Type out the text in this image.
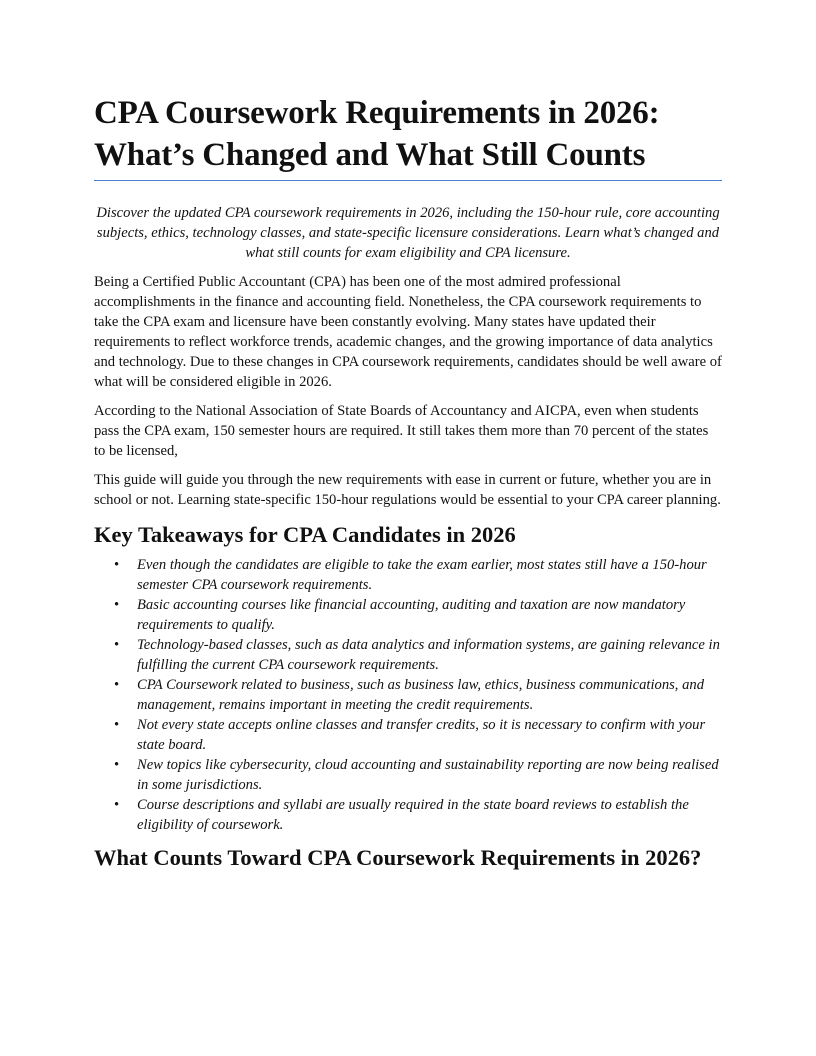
CPA Coursework Requirements in 2026: What’s Changed and What Still Counts

Discover the updated CPA coursework requirements in 2026, including the 150-hour rule, core accounting subjects, ethics, technology classes, and state-specific licensure considerations. Learn what’s changed and what still counts for exam eligibility and CPA licensure.

Being a Certified Public Accountant (CPA) has been one of the most admired professional accomplishments in the finance and accounting field. Nonetheless, the CPA coursework requirements to take the CPA exam and licensure have been constantly evolving. Many states have updated their requirements to reflect workforce trends, academic changes, and the growing importance of data analytics and technology. Due to these changes in CPA coursework requirements, candidates should be well aware of what will be considered eligible in 2026.

According to the National Association of State Boards of Accountancy and AICPA, even when students pass the CPA exam, 150 semester hours are required. It still takes them more than 70 percent of the states to be licensed,

This guide will guide you through the new requirements with ease in current or future, whether you are in school or not. Learning state-specific 150-hour regulations would be essential to your CPA career planning.

Key Takeaways for CPA Candidates in 2026
• Even though the candidates are eligible to take the exam earlier, most states still have a 150-hour semester CPA coursework requirements.
• Basic accounting courses like financial accounting, auditing and taxation are now mandatory requirements to qualify.
• Technology-based classes, such as data analytics and information systems, are gaining relevance in fulfilling the current CPA coursework requirements.
• CPA Coursework related to business, such as business law, ethics, business communications, and management, remains important in meeting the credit requirements.
• Not every state accepts online classes and transfer credits, so it is necessary to confirm with your state board.
• New topics like cybersecurity, cloud accounting and sustainability reporting are now being realised in some jurisdictions.
• Course descriptions and syllabi are usually required in the state board reviews to establish the eligibility of coursework.
What Counts Toward CPA Coursework Requirements in 2026?
